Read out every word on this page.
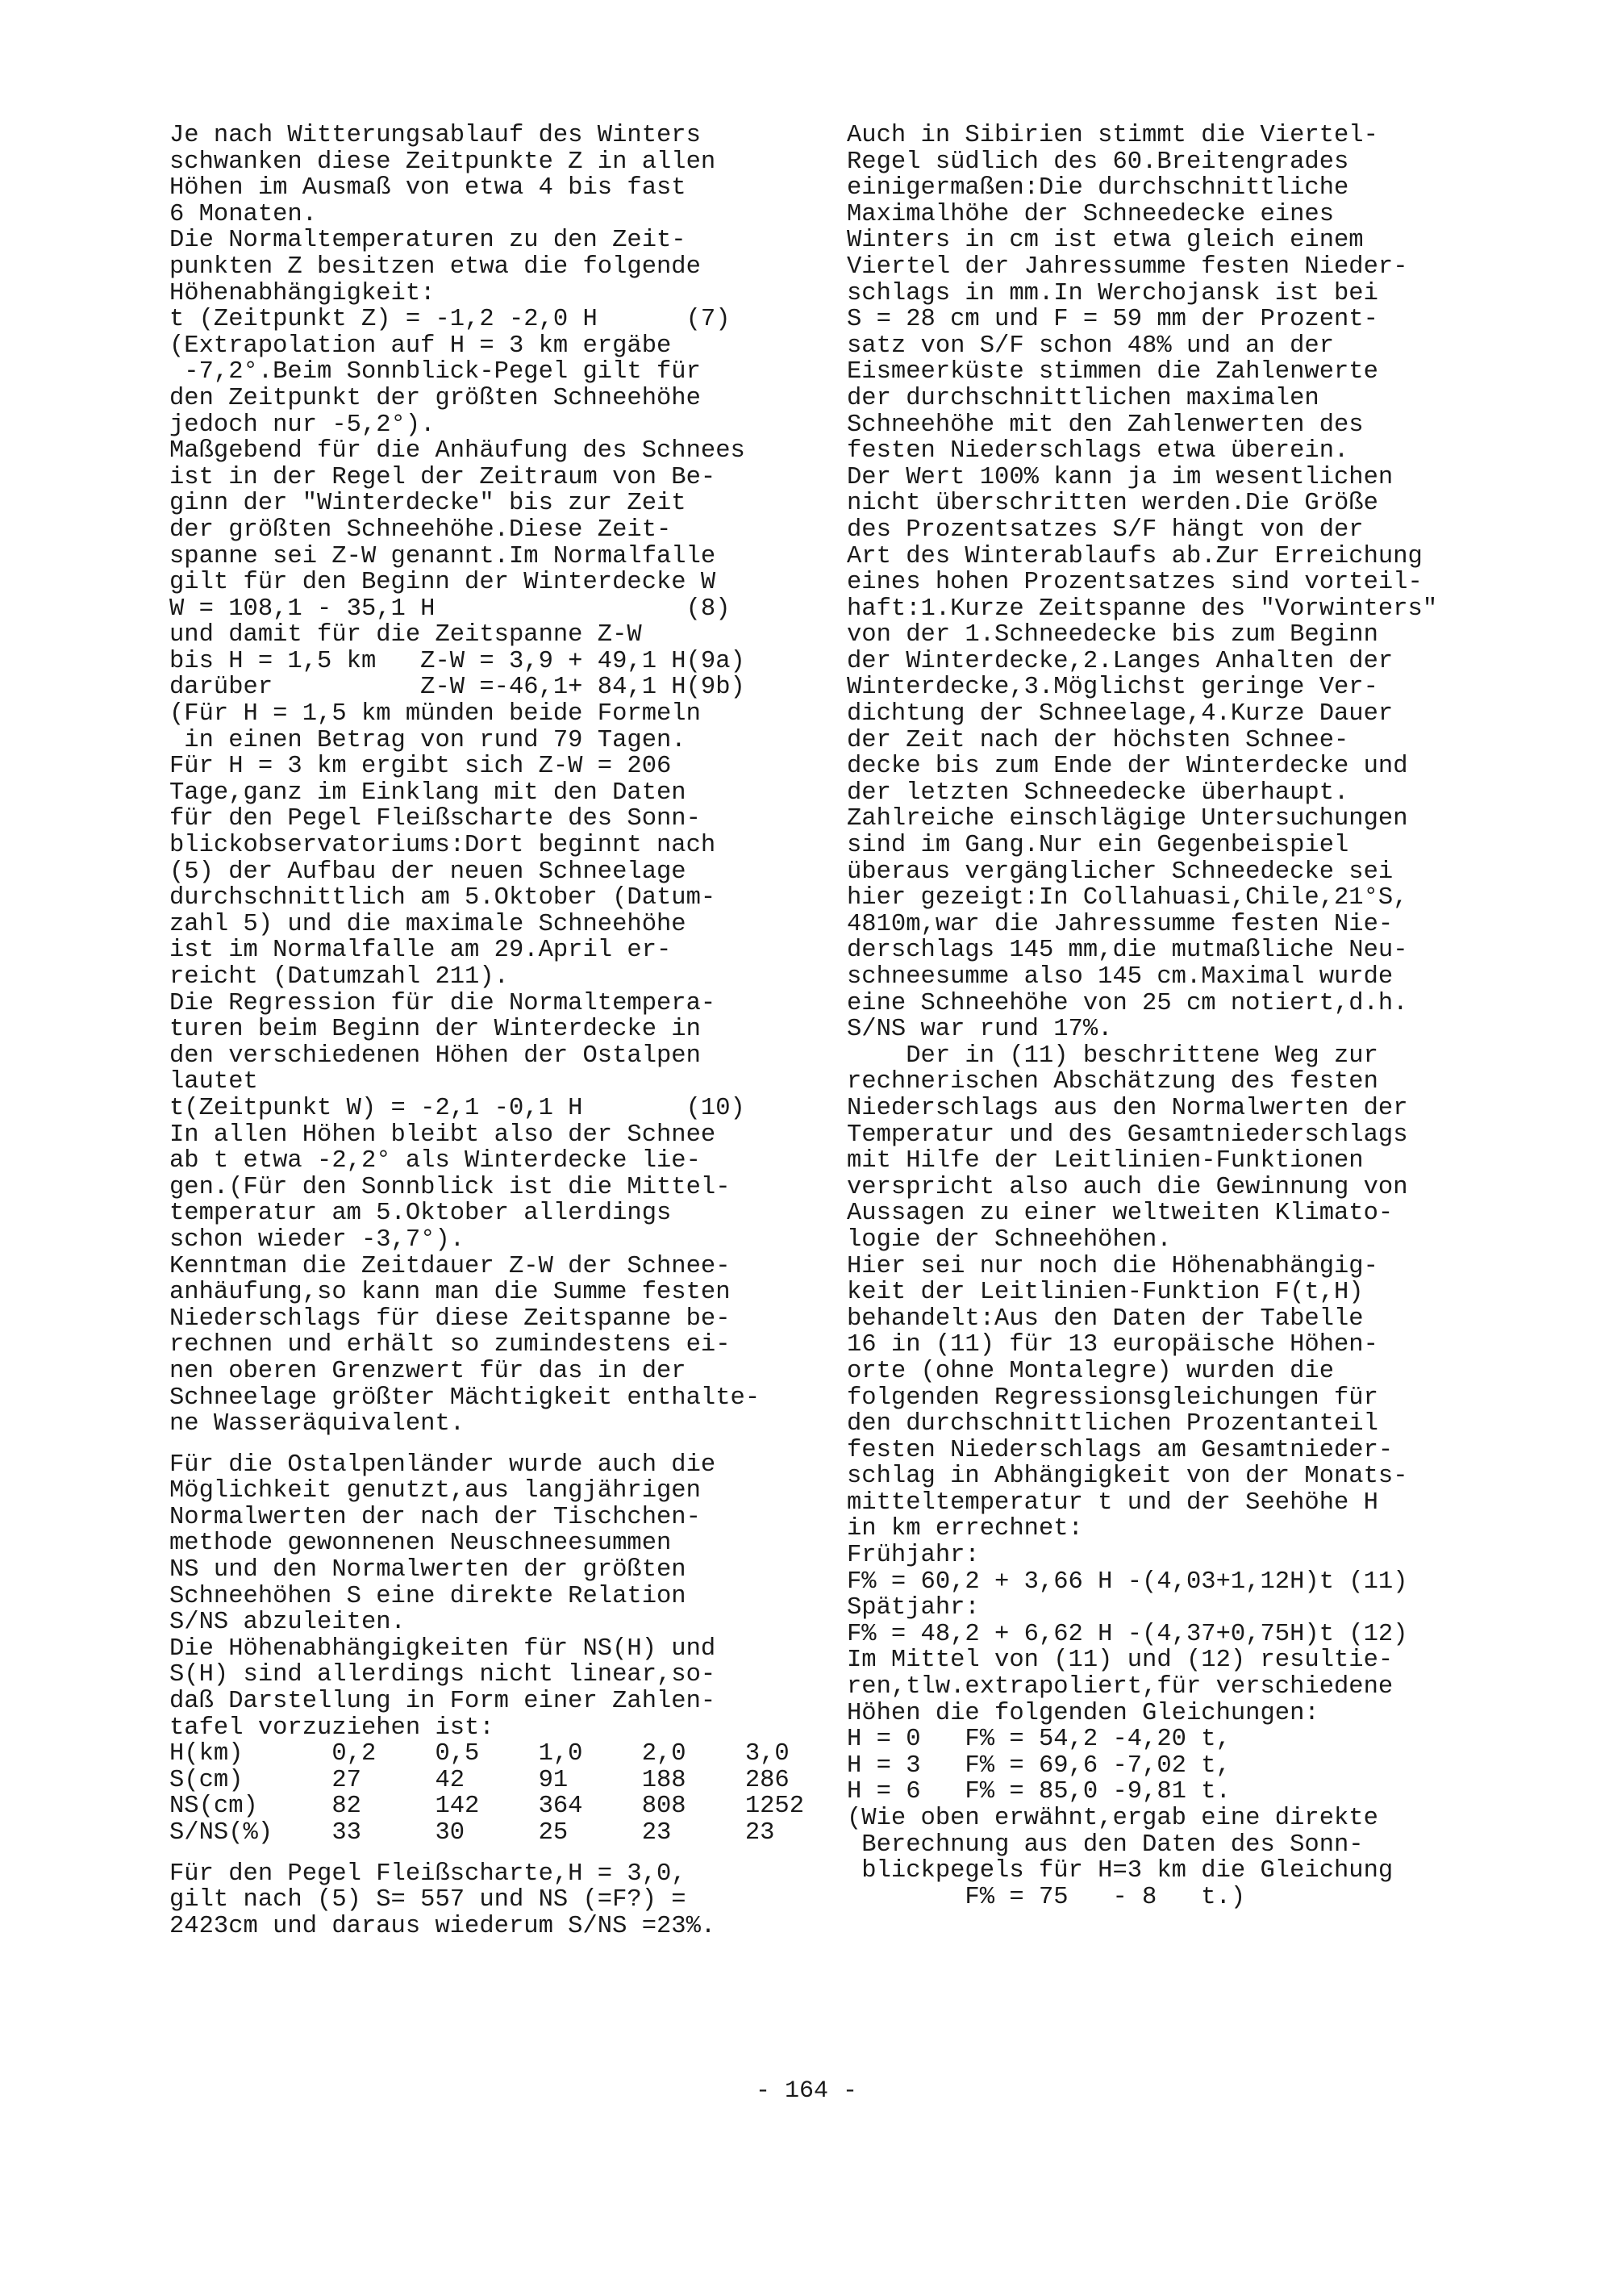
Je nach Witterungsablauf des Winters

schwanken diese Zeitpunkte Z in allen

Höhen im Ausmaß von etwa 4 bis fast

6 Monaten.

Die Normaltemperaturen zu den Zeit-

punkten Z besitzen etwa die folgende

Höhenabhängigkeit:

t (Zeitpunkt Z) = -1,2 -2,0 H      (7)

(Extrapolation auf H = 3 km ergäbe

-7,2°.Beim Sonnblick-Pegel gilt für

den Zeitpunkt der größten Schneehöhe

jedoch nur -5,2°).

Maßgebend für die Anhäufung des Schnees

ist in der Regel der Zeitraum von Be-

ginn der "Winterdecke" bis zur Zeit

der größten Schneehöhe.Diese Zeit-

spanne sei Z-W genannt.Im Normalfalle

gilt für den Beginn der Winterdecke W

W = 108,1 - 35,1 H                 (8)

und damit für die Zeitspanne Z-W

bis H = 1,5 km   Z-W = 3,9 + 49,1 H(9a)

darüber          Z-W =-46,1+ 84,1 H(9b)

(Für H = 1,5 km münden beide Formeln

in einen Betrag von rund 79 Tagen.

Für H = 3 km ergibt sich Z-W = 206

Tage,ganz im Einklang mit den Daten

für den Pegel Fleißscharte des Sonn-

blickobservatoriums:Dort beginnt nach

(5) der Aufbau der neuen Schneelage

durchschnittlich am 5.Oktober (Datum-

zahl 5) und die maximale Schneehöhe

ist im Normalfalle am 29.April er-

reicht (Datumzahl 211).

Die Regression für die Normaltempera-

turen beim Beginn der Winterdecke in

den verschiedenen Höhen der Ostalpen

lautet

t(Zeitpunkt W) = -2,1 -0,1 H       (10)

In allen Höhen bleibt also der Schnee

ab t etwa -2,2° als Winterdecke lie-

gen.(Für den Sonnblick ist die Mittel-

temperatur am 5.Oktober allerdings

schon wieder -3,7°).

Kenntman die Zeitdauer Z-W der Schnee-

anhäufung,so kann man die Summe festen

Niederschlags für diese Zeitspanne be-

rechnen und erhält so zumindestens ei-

nen oberen Grenzwert für das in der

Schneelage größter Mächtigkeit enthalte-

ne Wasseräquivalent.

Für die Ostalpenländer wurde auch die

Möglichkeit genutzt,aus langjährigen

Normalwerten der nach der Tischchen-

methode gewonnenen Neuschneesummen

NS und den Normalwerten der größten

Schneehöhen S eine direkte Relation

S/NS abzuleiten.

Die Höhenabhängigkeiten für NS(H) und

S(H) sind allerdings nicht linear,so-

daß Darstellung in Form einer Zahlen-

tafel vorzuziehen ist:

H(km)      0,2    0,5    1,0    2,0    3,0

S(cm)      27     42     91     188    286

NS(cm)     82     142    364    808    1252

S/NS(%)    33     30     25     23     23

Für den Pegel Fleißscharte,H = 3,0,

gilt nach (5) S= 557 und NS (=F?) =

2423cm und daraus wiederum S/NS =23%.

Auch in Sibirien stimmt die Viertel-

Regel südlich des 60.Breitengrades

einigermaßen:Die durchschnittliche

Maximalhöhe der Schneedecke eines

Winters in cm ist etwa gleich einem

Viertel der Jahressumme festen Nieder-

schlags in mm.In Werchojansk ist bei

S = 28 cm und F = 59 mm der Prozent-

satz von S/F schon 48% und an der

Eismeerküste stimmen die Zahlenwerte

der durchschnittlichen maximalen

Schneehöhe mit den Zahlenwerten des

festen Niederschlags etwa überein.

Der Wert 100% kann ja im wesentlichen

nicht überschritten werden.Die Größe

des Prozentsatzes S/F hängt von der

Art des Winterablaufs ab.Zur Erreichung

eines hohen Prozentsatzes sind vorteil-

haft:1.Kurze Zeitspanne des "Vorwinters"

von der 1.Schneedecke bis zum Beginn

der Winterdecke,2.Langes Anhalten der

Winterdecke,3.Möglichst geringe Ver-

dichtung der Schneelage,4.Kurze Dauer

der Zeit nach der höchsten Schnee-

decke bis zum Ende der Winterdecke und

der letzten Schneedecke überhaupt.

Zahlreiche einschlägige Untersuchungen

sind im Gang.Nur ein Gegenbeispiel

überaus vergänglicher Schneedecke sei

hier gezeigt:In Collahuasi,Chile,21°S,

4810m,war die Jahressumme festen Nie-

derschlags 145 mm,die mutmaßliche Neu-

schneesumme also 145 cm.Maximal wurde

eine Schneehöhe von 25 cm notiert,d.h.

S/NS war rund 17%.

Der in (11) beschrittene Weg zur

rechnerischen Abschätzung des festen

Niederschlags aus den Normalwerten der

Temperatur und des Gesamtniederschlags

mit Hilfe der Leitlinien-Funktionen

verspricht also auch die Gewinnung von

Aussagen zu einer weltweiten Klimato-

logie der Schneehöhen.

Hier sei nur noch die Höhenabhängig-

keit der Leitlinien-Funktion F(t,H)

behandelt:Aus den Daten der Tabelle

16 in (11) für 13 europäische Höhen-

orte (ohne Montalegre) wurden die

folgenden Regressionsgleichungen für

den durchschnittlichen Prozentanteil

festen Niederschlags am Gesamtnieder-

schlag in Abhängigkeit von der Monats-

mitteltemperatur t und der Seehöhe H

in km errechnet:

Frühjahr:

F% = 60,2 + 3,66 H -(4,03+1,12H)t (11)

Spätjahr:

F% = 48,2 + 6,62 H -(4,37+0,75H)t (12)

Im Mittel von (11) und (12) resultie-

ren,tlw.extrapoliert,für verschiedene

Höhen die folgenden Gleichungen:

H = 0   F% = 54,2 -4,20 t,

H = 3   F% = 69,6 -7,02 t,

H = 6   F% = 85,0 -9,81 t.

(Wie oben erwähnt,ergab eine direkte

Berechnung aus den Daten des Sonn-

blickpegels für H=3 km die Gleichung

F% = 75   - 8   t.)

- 164 -
